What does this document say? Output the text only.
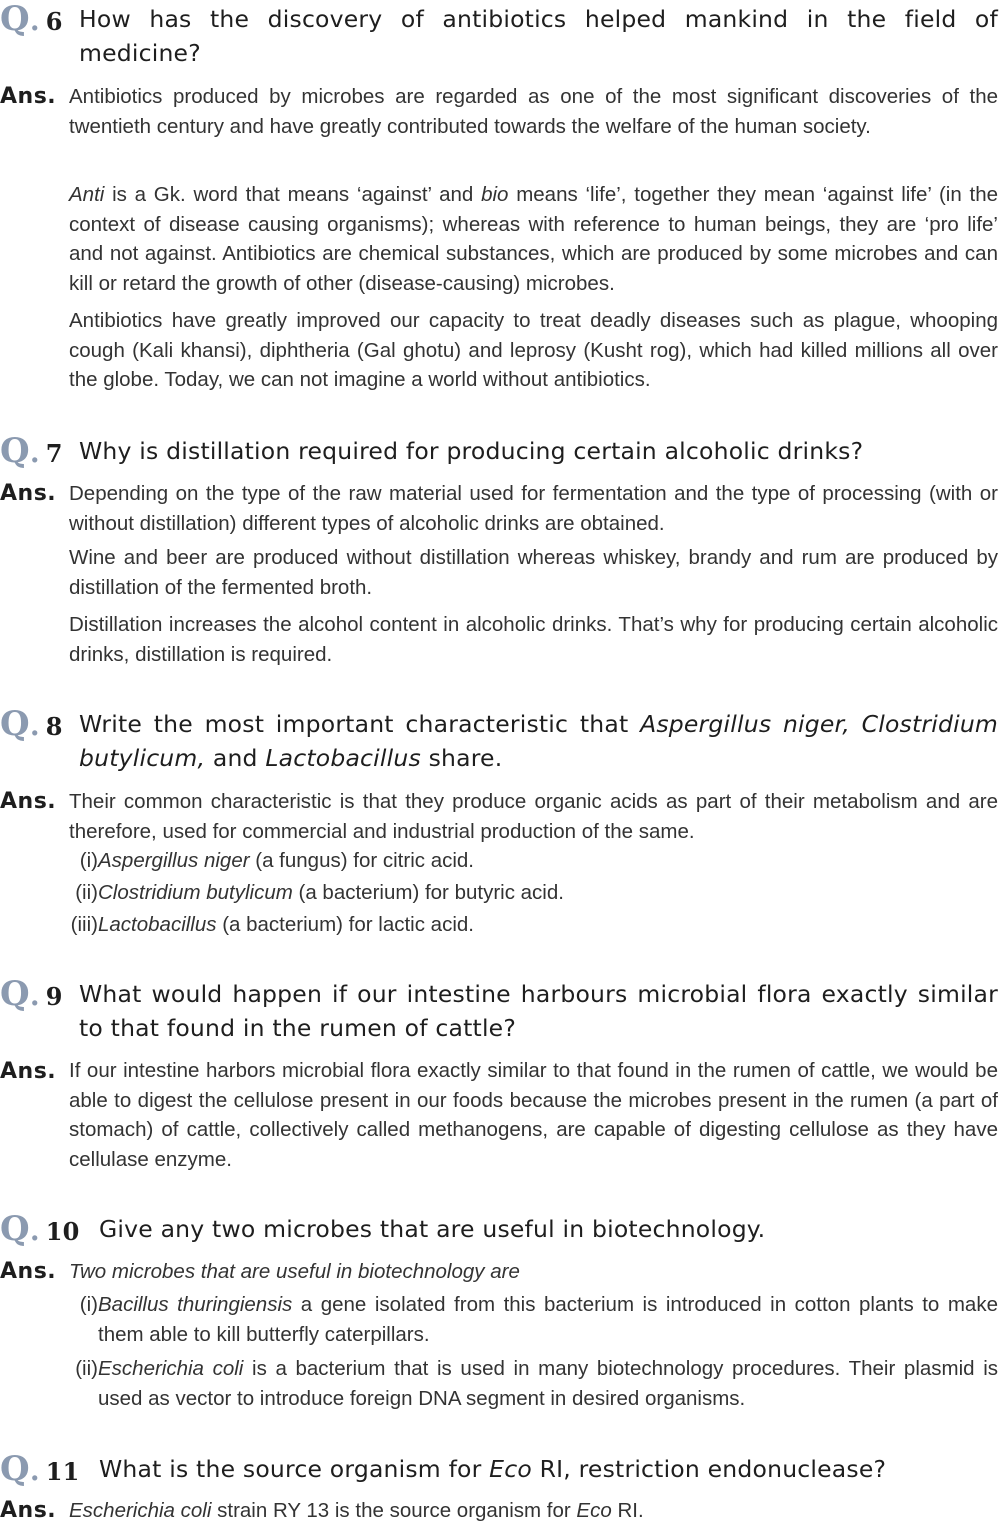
Q. 6 How has the discovery of antibiotics helped mankind in the field of medicine?
Ans. Antibiotics produced by microbes are regarded as one of the most significant discoveries of the twentieth century and have greatly contributed towards the welfare of the human society.
Anti is a Gk. word that means ‘against’ and bio means ‘life’, together they mean ‘against life’ (in the context of disease causing organisms); whereas with reference to human beings, they are ‘pro life’ and not against. Antibiotics are chemical substances, which are produced by some microbes and can kill or retard the growth of other (disease-causing) microbes.
Antibiotics have greatly improved our capacity to treat deadly diseases such as plague, whooping cough (Kali khansi), diphtheria (Gal ghotu) and leprosy (Kusht rog), which had killed millions all over the globe. Today, we can not imagine a world without antibiotics.
Q. 7 Why is distillation required for producing certain alcoholic drinks?
Ans. Depending on the type of the raw material used for fermentation and the type of processing (with or without distillation) different types of alcoholic drinks are obtained.
Wine and beer are produced without distillation whereas whiskey, brandy and rum are produced by distillation of the fermented broth.
Distillation increases the alcohol content in alcoholic drinks. That’s why for producing certain alcoholic drinks, distillation is required.
Q. 8 Write the most important characteristic that Aspergillus niger, Clostridium butylicum, and Lactobacillus share.
Ans. Their common characteristic is that they produce organic acids as part of their metabolism and are therefore, used for commercial and industrial production of the same.
(i) Aspergillus niger (a fungus) for citric acid.
(ii) Clostridium butylicum (a bacterium) for butyric acid.
(iii) Lactobacillus (a bacterium) for lactic acid.
Q. 9 What would happen if our intestine harbours microbial flora exactly similar to that found in the rumen of cattle?
Ans. If our intestine harbors microbial flora exactly similar to that found in the rumen of cattle, we would be able to digest the cellulose present in our foods because the microbes present in the rumen (a part of stomach) of cattle, collectively called methanogens, are capable of digesting cellulose as they have cellulase enzyme.
Q. 10 Give any two microbes that are useful in biotechnology.
Ans. Two microbes that are useful in biotechnology are
(i) Bacillus thuringiensis a gene isolated from this bacterium is introduced in cotton plants to make them able to kill butterfly caterpillars.
(ii) Escherichia coli is a bacterium that is used in many biotechnology procedures. Their plasmid is used as vector to introduce foreign DNA segment in desired organisms.
Q. 11 What is the source organism for Eco RI, restriction endonuclease?
Ans. Escherichia coli strain RY 13 is the source organism for Eco RI.
